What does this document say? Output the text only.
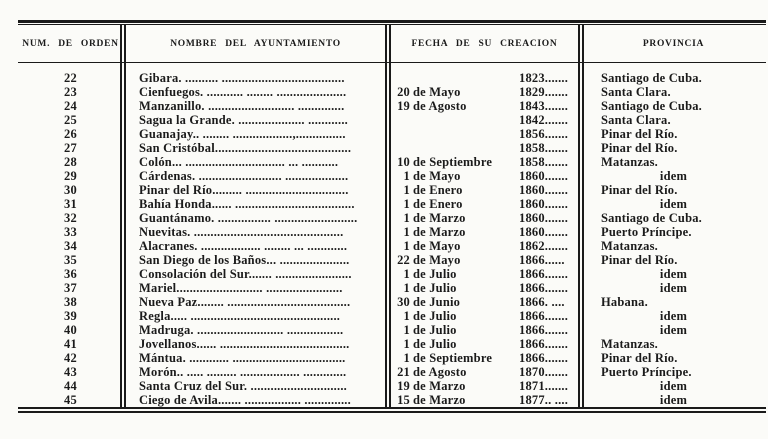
NUM. DE ORDEN	NOMBRE DEL AYUNTAMIENTO	FECHA DE SU CREACION	PROVINCIA
22	Gibara. .......... .....................................	1823.......	Santiago de Cuba.
23	Cienfuegos. ........... ........ .....................	20 de Mayo	1829.......	Santa Clara.
24	Manzanillo. .......................... ..............	19 de Agosto	1843.......	Santiago de Cuba.
25	Sagua la Grande. .................... ............	1842.......	Santa Clara.
26	Guanajay.. ........ ..................,...............	1856.......	Pinar del Río.
27	San Cristóbal.........................................	1858.......	Pinar del Río.
28	Colón... .............................. ... ...........	10 de Septiembre 1858.......	Matanzas.
29	Cárdenas. ......................... ...................	1 de Mayo	1860.......	idem
30	Pinar del Río......... ...............................	1 de Enero	1860.......	Pinar del Río.
31	Bahía Honda...... ....................................	1 de Enero	1860.......	idem
32	Guantánamo. ................ .........................	1 de Marzo	1860.......	Santiago de Cuba.
33	Nuevitas. .............................................	1 de Marzo	1860.......	Puerto Príncipe.
34	Alacranes. .................. ........ ... ............	1 de Mayo	1862.......	Matanzas.
35	San Diego de los Baños... .....................	22 de Mayo	1866......	Pinar del Río.
36	Consolación del Sur....... .......................	1 de Julio	1866.......	idem
37	Mariel.......................... .......................	1 de Julio	1866.......	idem
38	Nueva Paz........ .....................................	30 de Junio	1866. ....	Habana.
39	Regla..... .............................................	1 de Julio	1866.......	idem
40	Madruga. .......................... .................	1 de Julio	1866.......	idem
41	Jovellanos...... .......................................	1 de Julio	1866.......	Matanzas.
42	Mántua. ............ ..................................	1 de Septiembre 1866.......	Pinar del Río.
43	Morón.. ..... ......... .................. .............	21 de Agosto	1870.......	Puerto Príncipe.
44	Santa Cruz del Sur. .............................	19 de Marzo	1871.......	idem
45	Ciego de Avila....... ................. ..............	15 de Marzo	1877.. ....	idem
